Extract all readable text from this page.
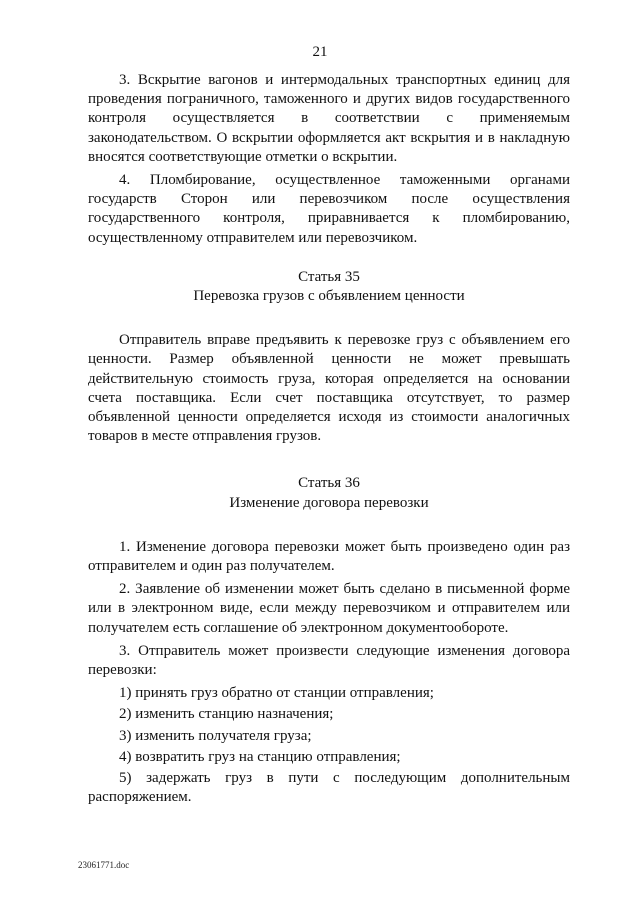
21

3. Вскрытие вагонов и интермодальных транспортных единиц для проведения пограничного, таможенного и других видов государственного контроля осуществляется в соответствии с применяемым законодательством. О вскрытии оформляется акт вскрытия и в накладную вносятся соответствующие отметки о вскрытии.

4. Пломбирование, осуществленное таможенными органами государств Сторон или перевозчиком после осуществления государственного контроля, приравнивается к пломбированию, осуществленному отправителем или перевозчиком.

Статья 35

Перевозка грузов с объявлением ценности

Отправитель вправе предъявить к перевозке груз с объявлением его ценности. Размер объявленной ценности не может превышать действительную стоимость груза, которая определяется на основании счета поставщика. Если счет поставщика отсутствует, то размер объявленной ценности определяется исходя из стоимости аналогичных товаров в месте отправления грузов.

Статья 36

Изменение договора перевозки

1. Изменение договора перевозки может быть произведено один раз отправителем и один раз получателем.

2. Заявление об изменении может быть сделано в письменной форме или в электронном виде, если между перевозчиком и отправителем или получателем есть соглашение об электронном документообороте.

3. Отправитель может произвести следующие изменения договора перевозки:

1) принять груз обратно от станции отправления;

2) изменить станцию назначения;

3) изменить получателя груза;

4) возвратить груз на станцию отправления;

5) задержать груз в пути с последующим дополнительным распоряжением.

23061771.doc
